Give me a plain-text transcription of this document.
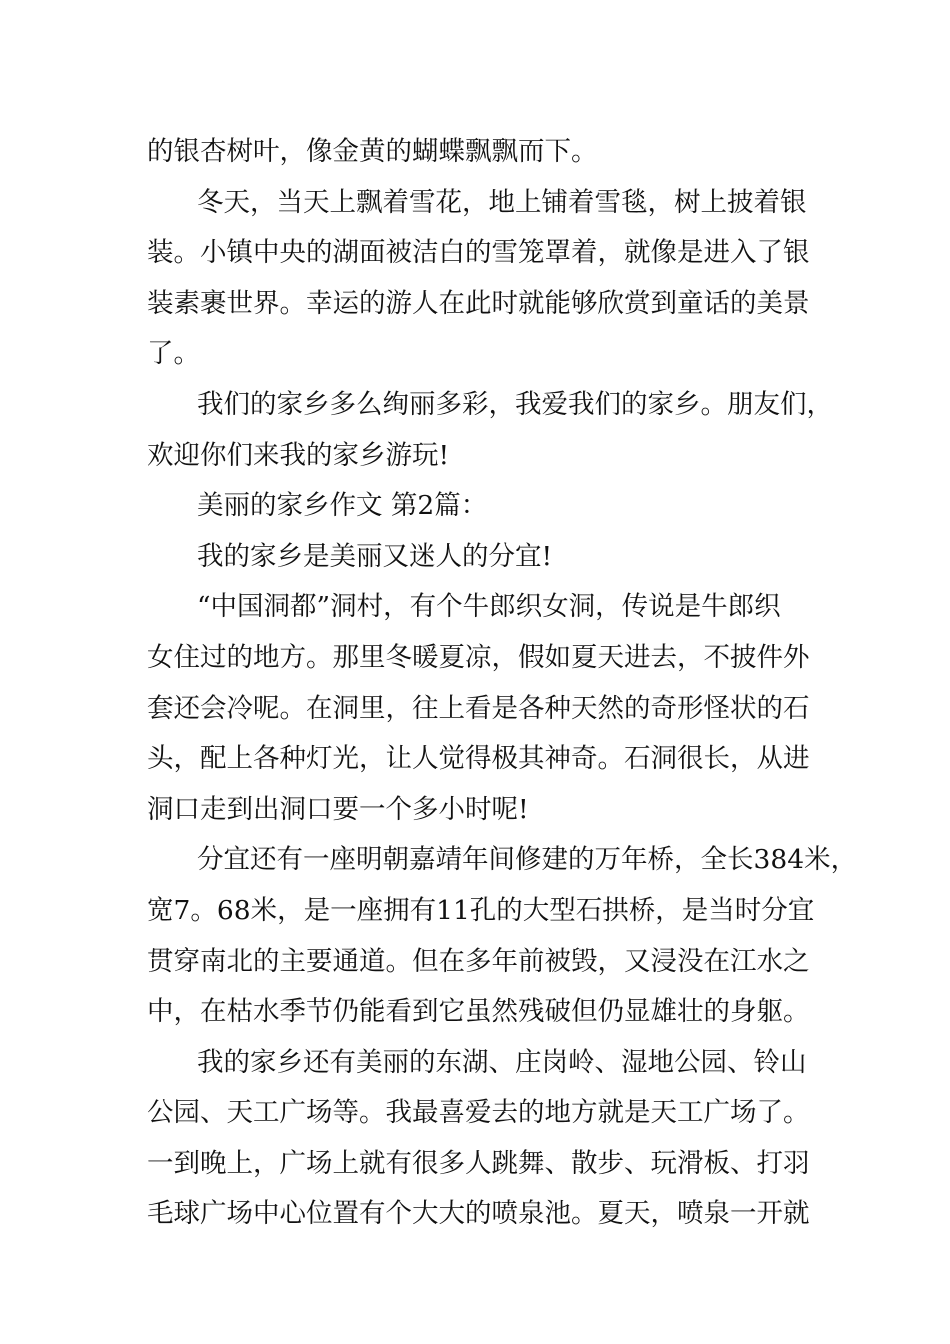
的银杏树叶，像金黄的蝴蝶飘飘而下。
冬天，当天上飘着雪花，地上铺着雪毯，树上披着银
装。小镇中央的湖面被洁白的雪笼罩着，就像是进入了银
装素裹世界。幸运的游人在此时就能够欣赏到童话的美景
了。
我们的家乡多么绚丽多彩，我爱我们的家乡。朋友们，
欢迎你们来我的家乡游玩!
美丽的家乡作文 第2篇：
我的家乡是美丽又迷人的分宜!
“中国洞都”洞村，有个牛郎织女洞，传说是牛郎织
女住过的地方。那里冬暖夏凉，假如夏天进去，不披件外
套还会冷呢。在洞里，往上看是各种天然的奇形怪状的石
头，配上各种灯光，让人觉得极其神奇。石洞很长，从进
洞口走到出洞口要一个多小时呢!
分宜还有一座明朝嘉靖年间修建的万年桥，全长384米，
宽7。68米，是一座拥有11孔的大型石拱桥，是当时分宜
贯穿南北的主要通道。但在多年前被毁，又浸没在江水之
中，在枯水季节仍能看到它虽然残破但仍显雄壮的身躯。
我的家乡还有美丽的东湖、庄岗岭、湿地公园、铃山
公园、天工广场等。我最喜爱去的地方就是天工广场了。
一到晚上，广场上就有很多人跳舞、散步、玩滑板、打羽
毛球广场中心位置有个大大的喷泉池。夏天，喷泉一开就
